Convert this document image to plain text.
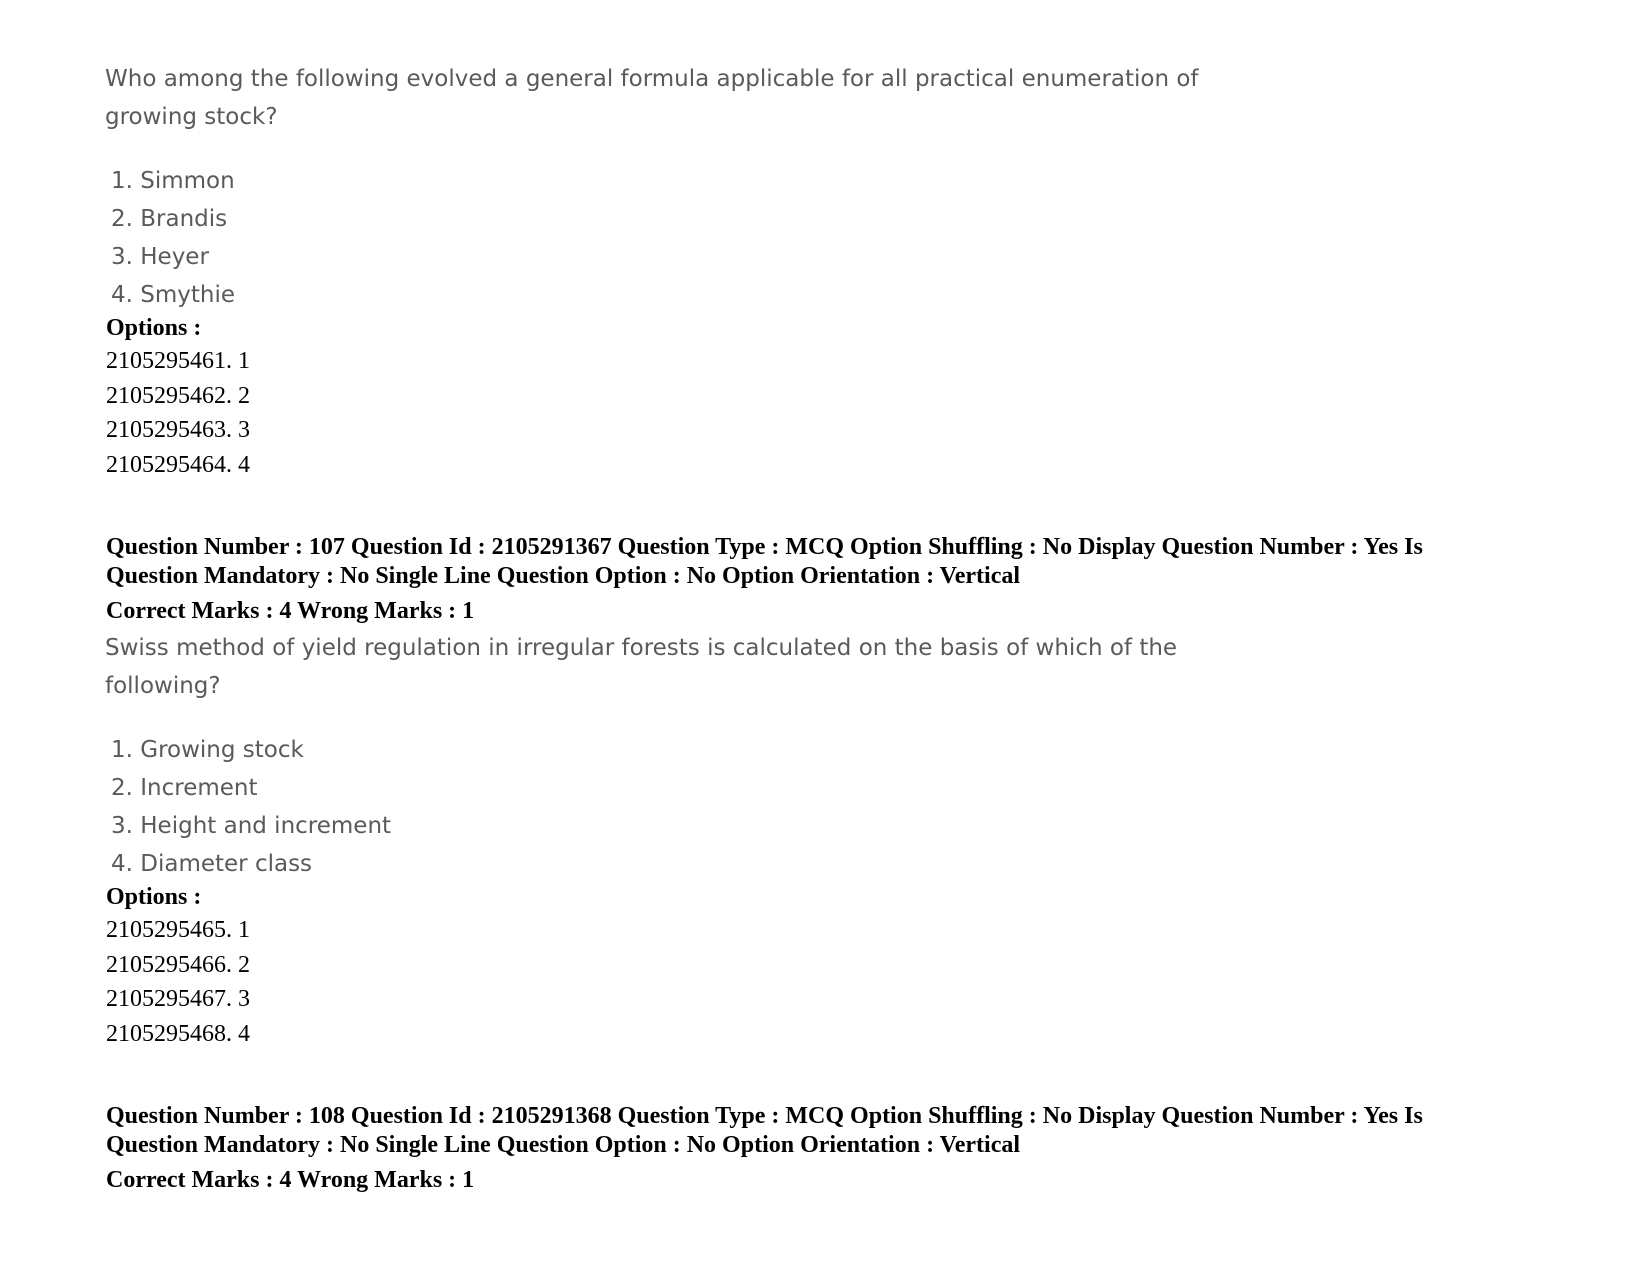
Who among the following evolved a general formula applicable for all practical enumeration of growing stock?

1. Simmon
2. Brandis
3. Heyer
4. Smythie

Options :

2105295461. 1
2105295462. 2
2105295463. 3
2105295464. 4
Question Number : 107 Question Id : 2105291367 Question Type : MCQ Option Shuffling : No Display Question Number : Yes Is
Question Mandatory : No Single Line Question Option : No Option Orientation : Vertical

Correct Marks : 4 Wrong Marks : 1

Swiss method of yield regulation in irregular forests is calculated on the basis of which of the following?

1. Growing stock
2. Increment
3. Height and increment
4. Diameter class

Options :

2105295465. 1
2105295466. 2
2105295467. 3
2105295468. 4
Question Number : 108 Question Id : 2105291368 Question Type : MCQ Option Shuffling : No Display Question Number : Yes Is
Question Mandatory : No Single Line Question Option : No Option Orientation : Vertical

Correct Marks : 4 Wrong Marks : 1
